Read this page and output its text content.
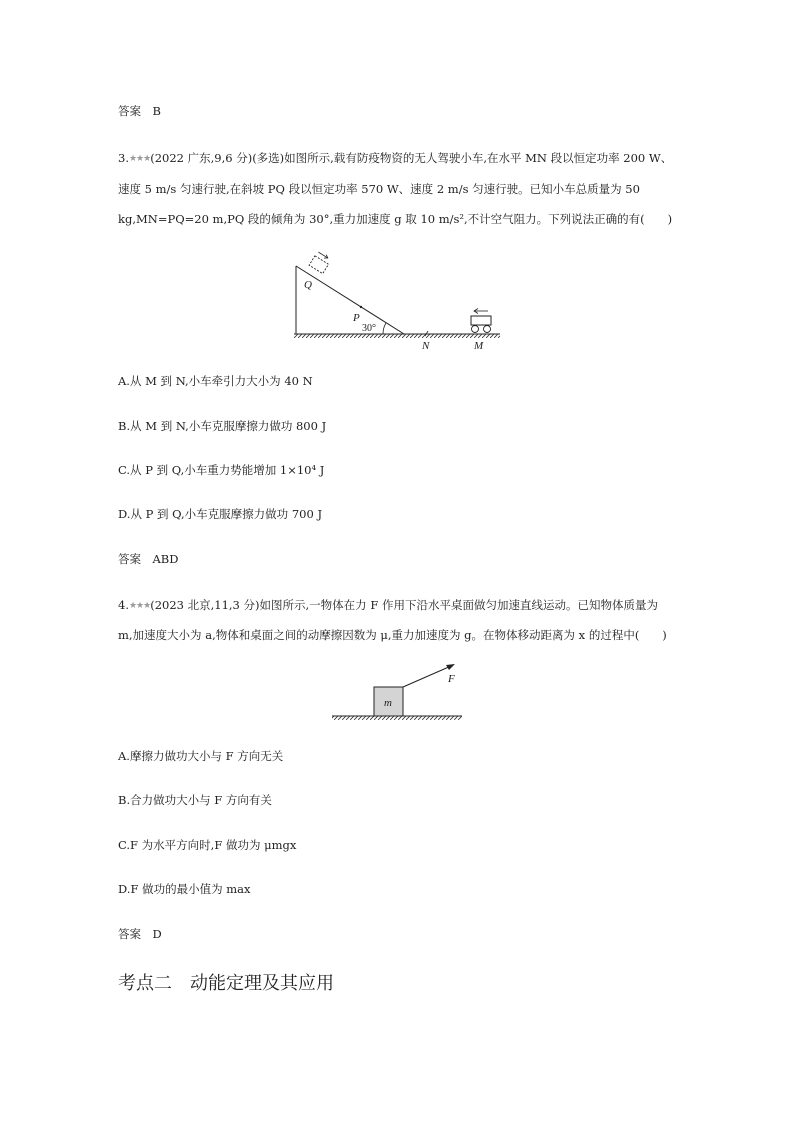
答案　B
3.★★★(2022 广东,9,6 分)(多选)如图所示,载有防疫物资的无人驾驶小车,在水平 MN 段以恒定功率 200 W、
速度 5 m/s 匀速行驶,在斜坡 PQ 段以恒定功率 570 W、速度 2 m/s 匀速行驶。已知小车总质量为 50
kg,MN=PQ=20 m,PQ 段的倾角为 30°,重力加速度 g 取 10 m/s²,不计空气阻力。下列说法正确的有(　　)
Q
P
30°
N	M
A.从 M 到 N,小车牵引力大小为 40 N
B.从 M 到 N,小车克服摩擦力做功 800 J
C.从 P 到 Q,小车重力势能增加 1×10⁴ J
D.从 P 到 Q,小车克服摩擦力做功 700 J
答案　ABD
4.★★★(2023 北京,11,3 分)如图所示,一物体在力 F 作用下沿水平桌面做匀加速直线运动。已知物体质量为
m,加速度大小为 a,物体和桌面之间的动摩擦因数为 μ,重力加速度为 g。在物体移动距离为 x 的过程中(　　)
m
F
A.摩擦力做功大小与 F 方向无关
B.合力做功大小与 F 方向有关
C.F 为水平方向时,F 做功为 μmgx
D.F 做功的最小值为 max
答案　D
考点二 动能定理及其应用
